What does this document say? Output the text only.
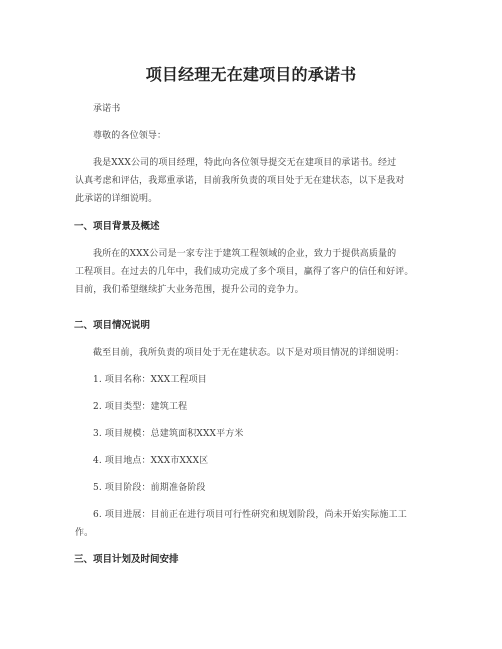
项目经理无在建项目的承诺书
承诺书
尊敬的各位领导：
我是XXX公司的项目经理，特此向各位领导提交无在建项目的承诺书。经过
认真考虑和评估，我郑重承诺，目前我所负责的项目处于无在建状态，以下是我对
此承诺的详细说明。
一、项目背景及概述
我所在的XXX公司是一家专注于建筑工程领域的企业，致力于提供高质量的
工程项目。在过去的几年中，我们成功完成了多个项目，赢得了客户的信任和好评。
目前，我们希望继续扩大业务范围，提升公司的竞争力。
二、项目情况说明
截至目前，我所负责的项目处于无在建状态。以下是对项目情况的详细说明：
1. 项目名称：XXX工程项目
2. 项目类型：建筑工程
3. 项目规模：总建筑面积XXX平方米
4. 项目地点：XXX市XXX区
5. 项目阶段：前期准备阶段
6. 项目进展：目前正在进行项目可行性研究和规划阶段，尚未开始实际施工工
作。
三、项目计划及时间安排
